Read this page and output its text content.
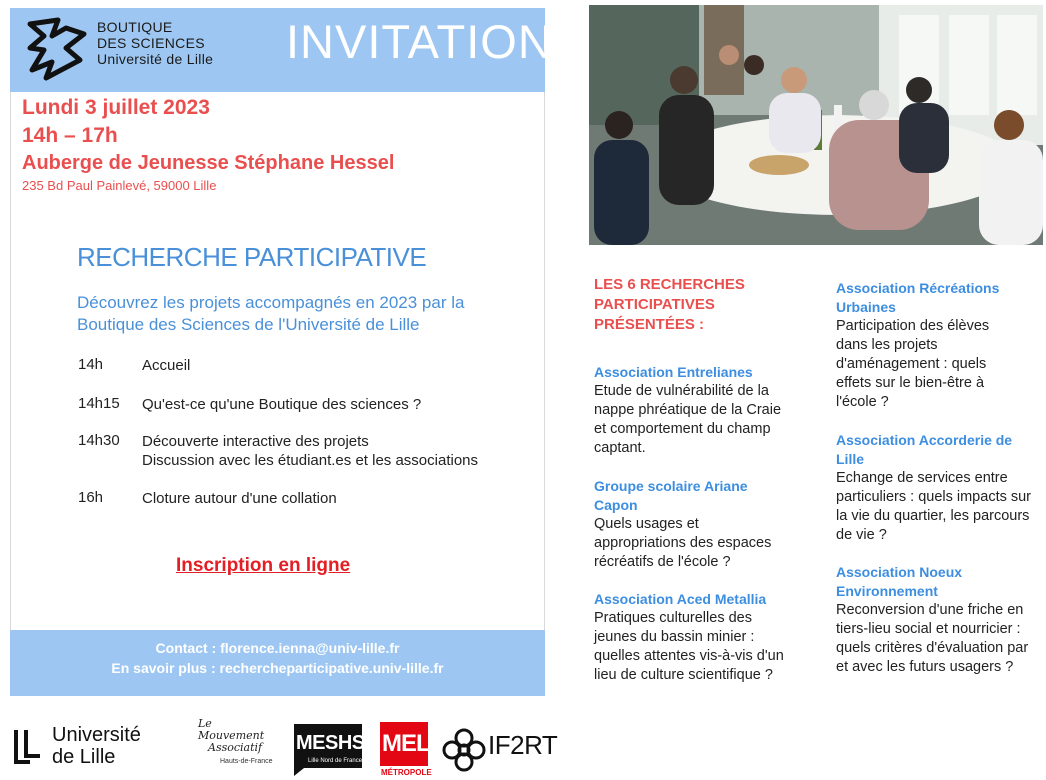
BOUTIQUE
DES SCIENCES
Université de Lille INVITATION
Lundi 3 juillet 2023
14h – 17h
Auberge de Jeunesse Stéphane Hessel
235 Bd Paul Painlevé, 59000 Lille
RECHERCHE PARTICIPATIVE
Découvrez les projets accompagnés en 2023 par la Boutique des Sciences de l'Université de Lille
14h	Accueil
14h15 Qu'est-ce qu'une Boutique des sciences ?
14h30 Découverte interactive des projets
Discussion avec les étudiant.es et les associations
16h	Cloture autour d'une collation
Inscription en ligne
Contact : florence.ienna@univ-lille.fr
En savoir plus : rechercheparticipative.univ-lille.fr
LES 6 RECHERCHES
PARTICIPATIVES
PRÉSENTÉES :
Association Entrelianes
Etude de vulnérabilité de la nappe phréatique de la Craie et comportement du champ captant.
Groupe scolaire Ariane Capon
Quels usages et appropriations des espaces récréatifs de l'école ?
Association Aced Metallia
Pratiques culturelles des jeunes du bassin minier : quelles attentes vis-à-vis d'un lieu de culture scientifique ?
Association Récréations Urbaines
Participation des élèves dans les projets d'aménagement : quels effets sur le bien-être à l'école ?
Association Accorderie de Lille
Echange de services entre particuliers : quels impacts sur la vie du quartier, les parcours de vie ?
Association Noeux Environnement
Reconversion d'une friche en tiers-lieu social et nourricier : quels critères d'évaluation par et avec les futurs usagers ?
Université
de Lille
Le
Mouvement
Associatif
Hauts-de-France
MESHS
Lille Nord de France
MEL
MÉTROPOLE
IF2RT
